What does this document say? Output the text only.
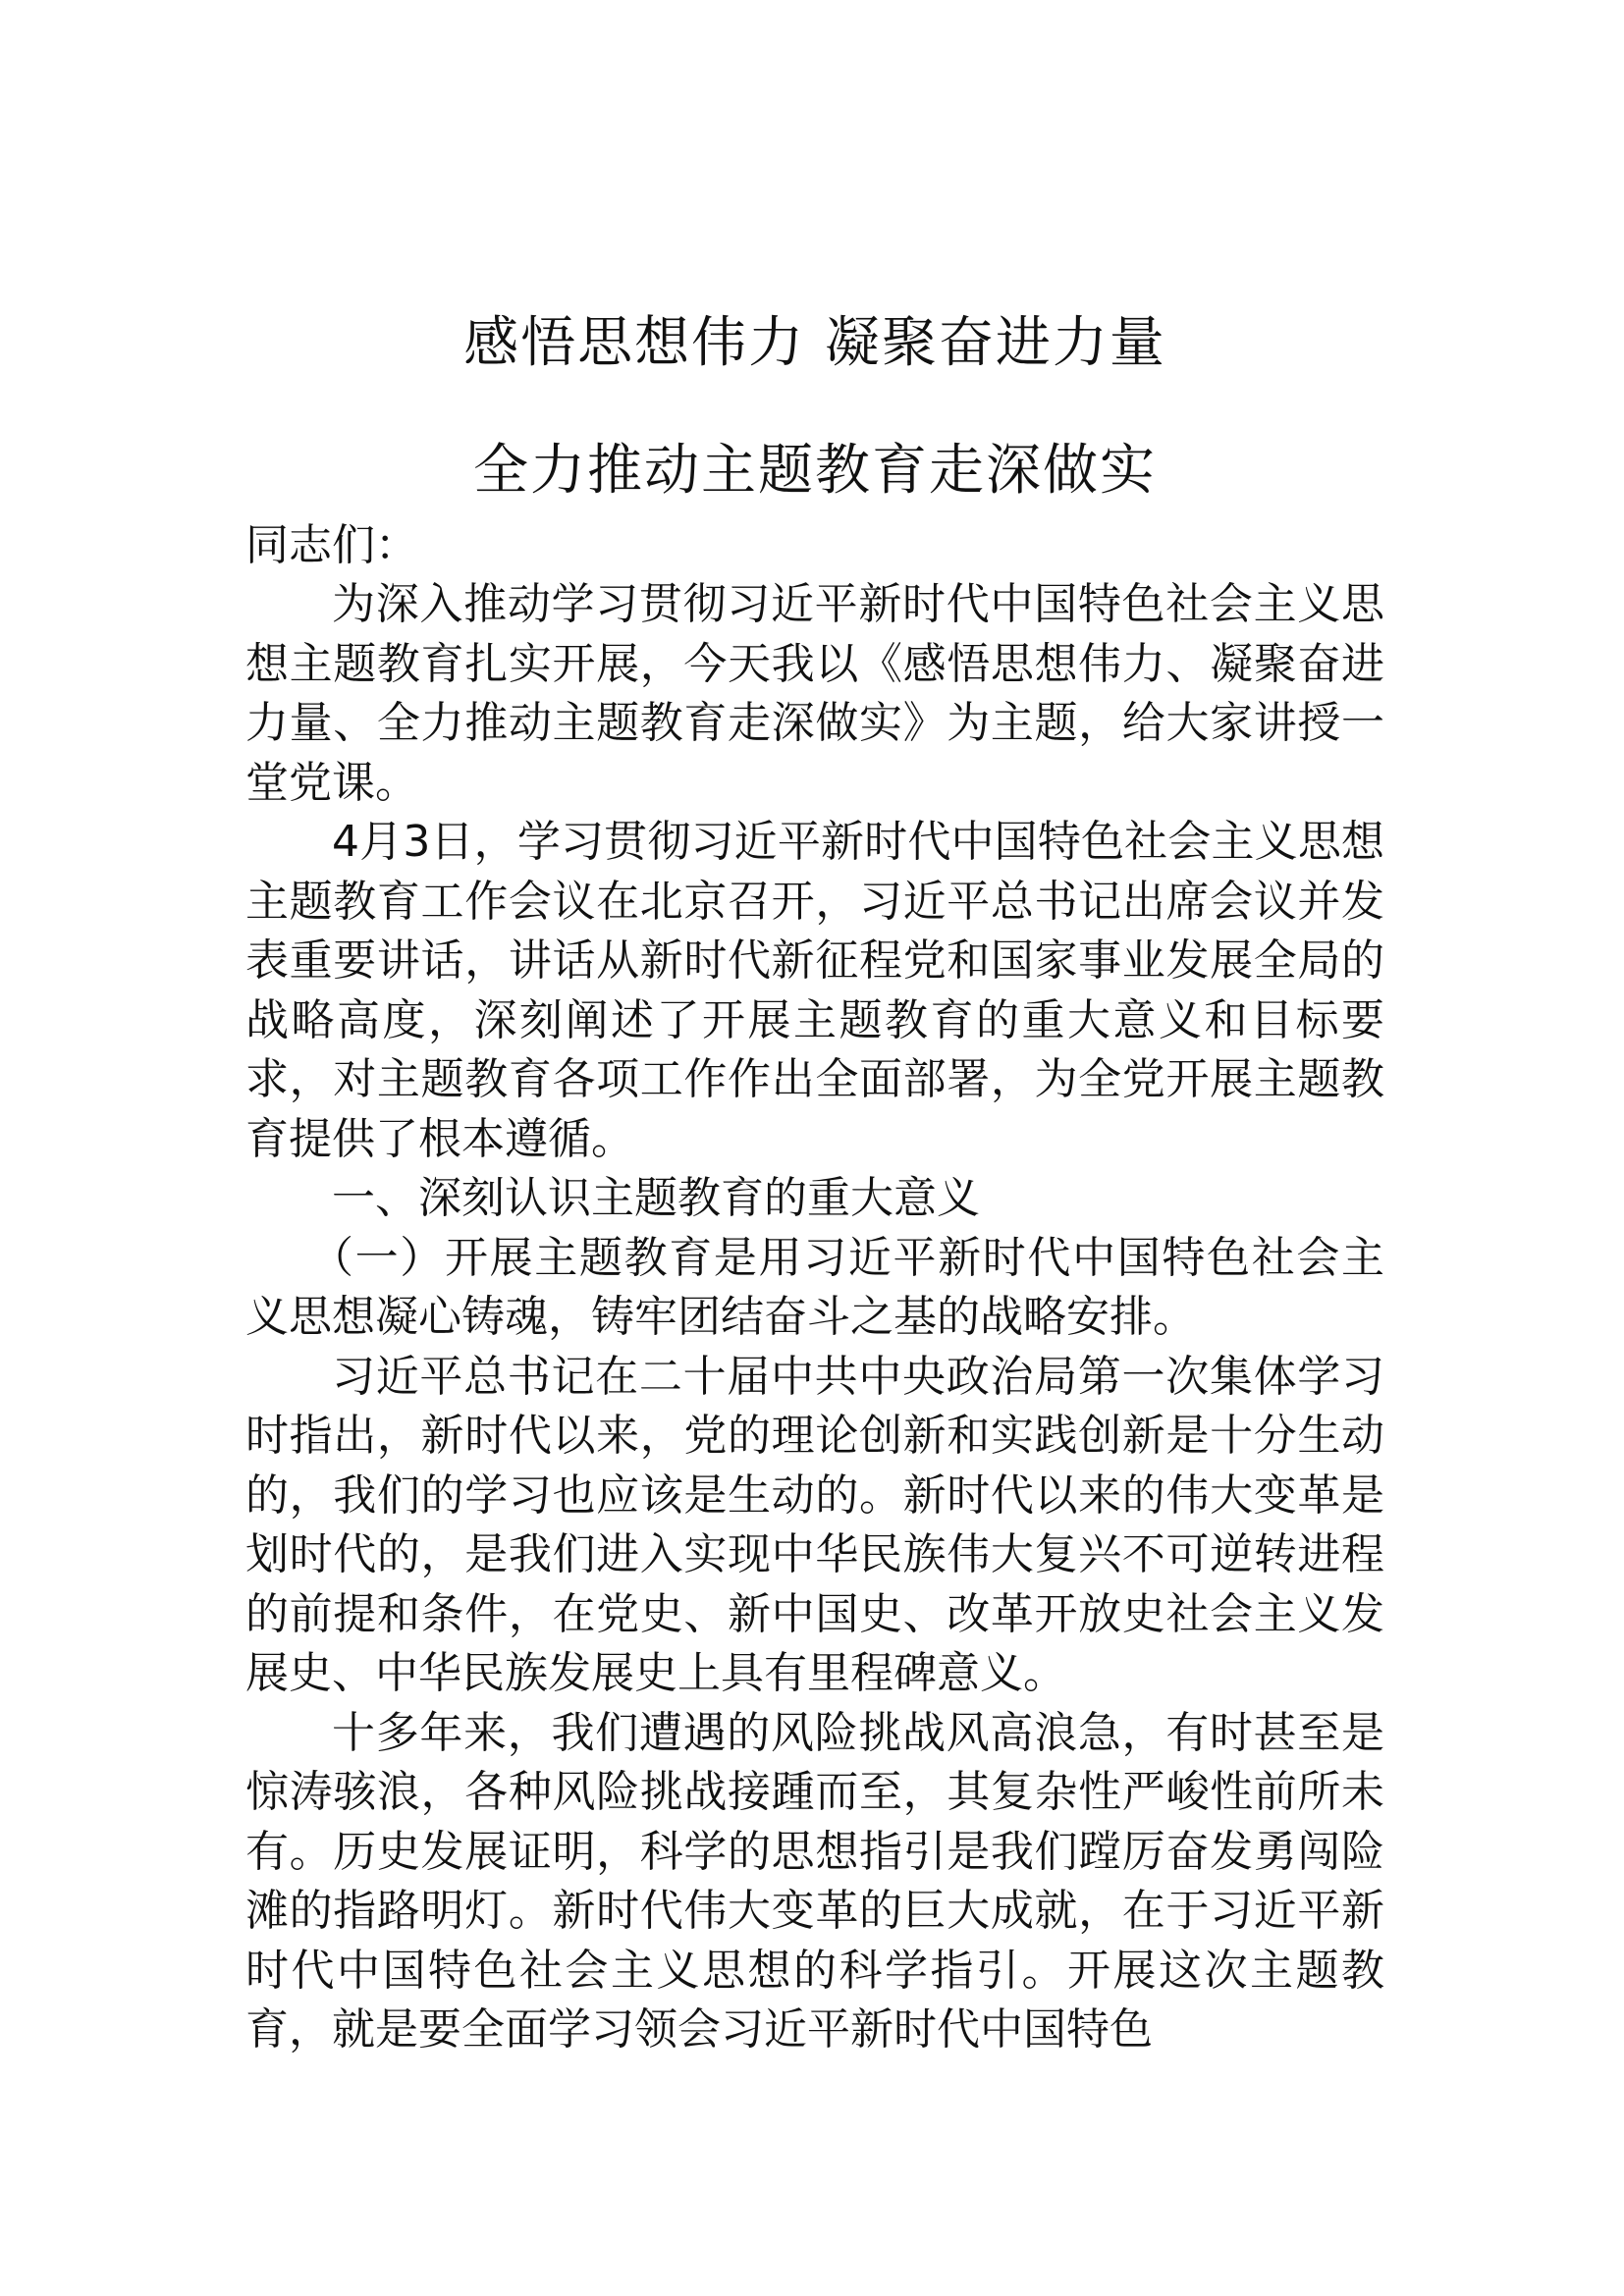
感悟思想伟力 凝聚奋进力量
全力推动主题教育走深做实
同志们：

为深入推动学习贯彻习近平新时代中国特色社会主义思想主题教育扎实开展，今天我以《感悟思想伟力、凝聚奋进力量、全力推动主题教育走深做实》为主题，给大家讲授一堂党课。

4月3日，学习贯彻习近平新时代中国特色社会主义思想主题教育工作会议在北京召开，习近平总书记出席会议并发表重要讲话，讲话从新时代新征程党和国家事业发展全局的战略高度，深刻阐述了开展主题教育的重大意义和目标要求，对主题教育各项工作作出全面部署，为全党开展主题教育提供了根本遵循。

一、深刻认识主题教育的重大意义

（一）开展主题教育是用习近平新时代中国特色社会主义思想凝心铸魂，铸牢团结奋斗之基的战略安排。

习近平总书记在二十届中共中央政治局第一次集体学习时指出，新时代以来，党的理论创新和实践创新是十分生动的，我们的学习也应该是生动的。新时代以来的伟大变革是划时代的，是我们进入实现中华民族伟大复兴不可逆转进程的前提和条件，在党史、新中国史、改革开放史社会主义发展史、中华民族发展史上具有里程碑意义。

十多年来，我们遭遇的风险挑战风高浪急，有时甚至是惊涛骇浪，各种风险挑战接踵而至，其复杂性严峻性前所未有。历史发展证明，科学的思想指引是我们蹚厉奋发勇闯险滩的指路明灯。新时代伟大变革的巨大成就，在于习近平新时代中国特色社会主义思想的科学指引。开展这次主题教育，就是要全面学习领会习近平新时代中国特色
